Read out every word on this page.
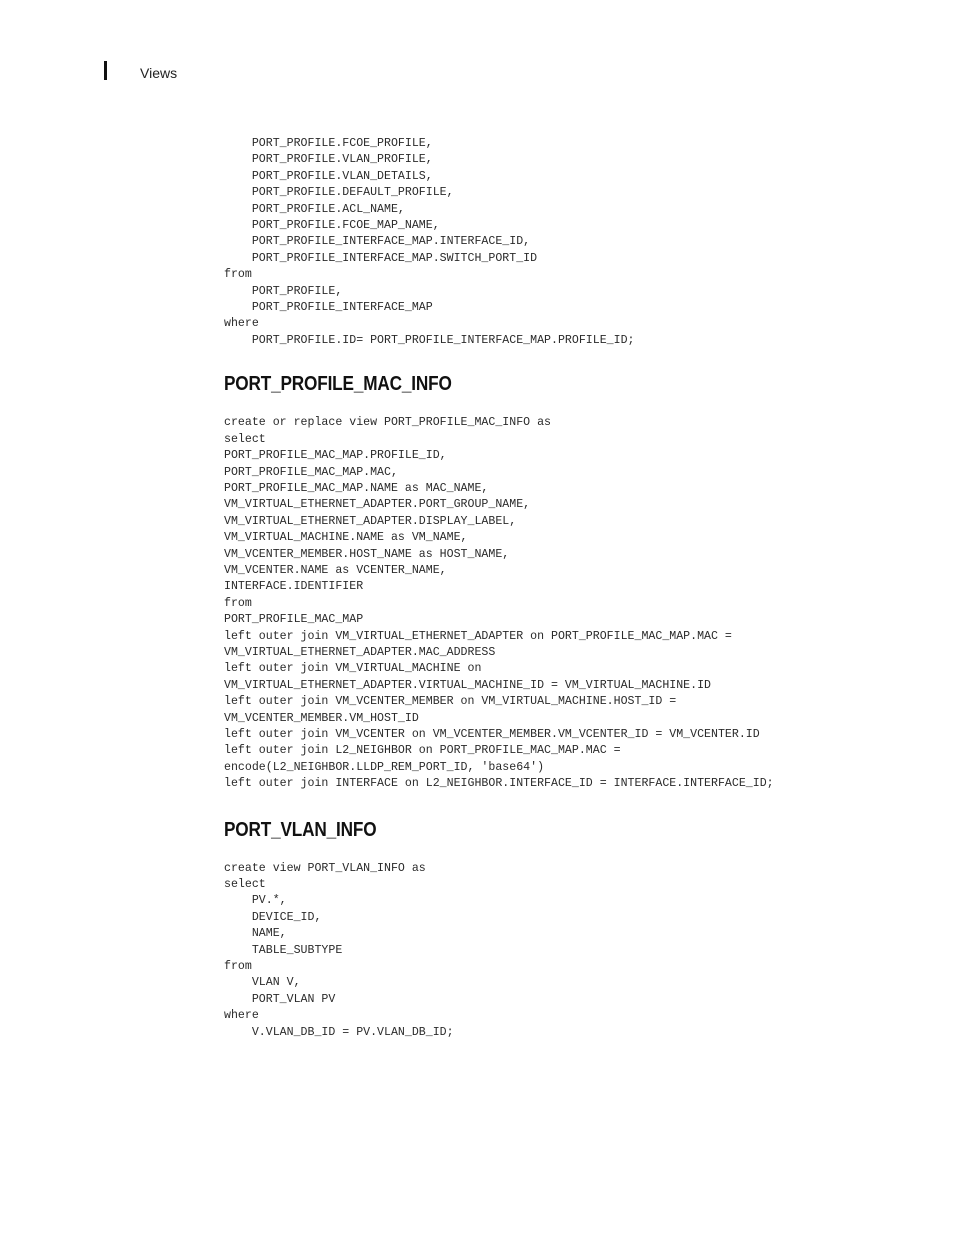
Views
PORT_PROFILE.FCOE_PROFILE,
PORT_PROFILE.VLAN_PROFILE,
PORT_PROFILE.VLAN_DETAILS,
PORT_PROFILE.DEFAULT_PROFILE,
PORT_PROFILE.ACL_NAME,
PORT_PROFILE.FCOE_MAP_NAME,
PORT_PROFILE_INTERFACE_MAP.INTERFACE_ID,
PORT_PROFILE_INTERFACE_MAP.SWITCH_PORT_ID
from
PORT_PROFILE,
PORT_PROFILE_INTERFACE_MAP
where
PORT_PROFILE.ID= PORT_PROFILE_INTERFACE_MAP.PROFILE_ID;
PORT_PROFILE_MAC_INFO
create or replace view PORT_PROFILE_MAC_INFO as
select
PORT_PROFILE_MAC_MAP.PROFILE_ID,
PORT_PROFILE_MAC_MAP.MAC,
PORT_PROFILE_MAC_MAP.NAME as MAC_NAME,
VM_VIRTUAL_ETHERNET_ADAPTER.PORT_GROUP_NAME,
VM_VIRTUAL_ETHERNET_ADAPTER.DISPLAY_LABEL,
VM_VIRTUAL_MACHINE.NAME as VM_NAME,
VM_VCENTER_MEMBER.HOST_NAME as HOST_NAME,
VM_VCENTER.NAME as VCENTER_NAME,
INTERFACE.IDENTIFIER
from
PORT_PROFILE_MAC_MAP
left outer join VM_VIRTUAL_ETHERNET_ADAPTER on PORT_PROFILE_MAC_MAP.MAC =
VM_VIRTUAL_ETHERNET_ADAPTER.MAC_ADDRESS
left outer join VM_VIRTUAL_MACHINE on
VM_VIRTUAL_ETHERNET_ADAPTER.VIRTUAL_MACHINE_ID = VM_VIRTUAL_MACHINE.ID
left outer join VM_VCENTER_MEMBER on VM_VIRTUAL_MACHINE.HOST_ID =
VM_VCENTER_MEMBER.VM_HOST_ID
left outer join VM_VCENTER on VM_VCENTER_MEMBER.VM_VCENTER_ID = VM_VCENTER.ID
left outer join L2_NEIGHBOR on PORT_PROFILE_MAC_MAP.MAC =
encode(L2_NEIGHBOR.LLDP_REM_PORT_ID, 'base64')
left outer join INTERFACE on L2_NEIGHBOR.INTERFACE_ID = INTERFACE.INTERFACE_ID;
PORT_VLAN_INFO
create view PORT_VLAN_INFO as
select
PV.*,
DEVICE_ID,
NAME,
TABLE_SUBTYPE
from
VLAN V,
PORT_VLAN PV
where
V.VLAN_DB_ID = PV.VLAN_DB_ID;
